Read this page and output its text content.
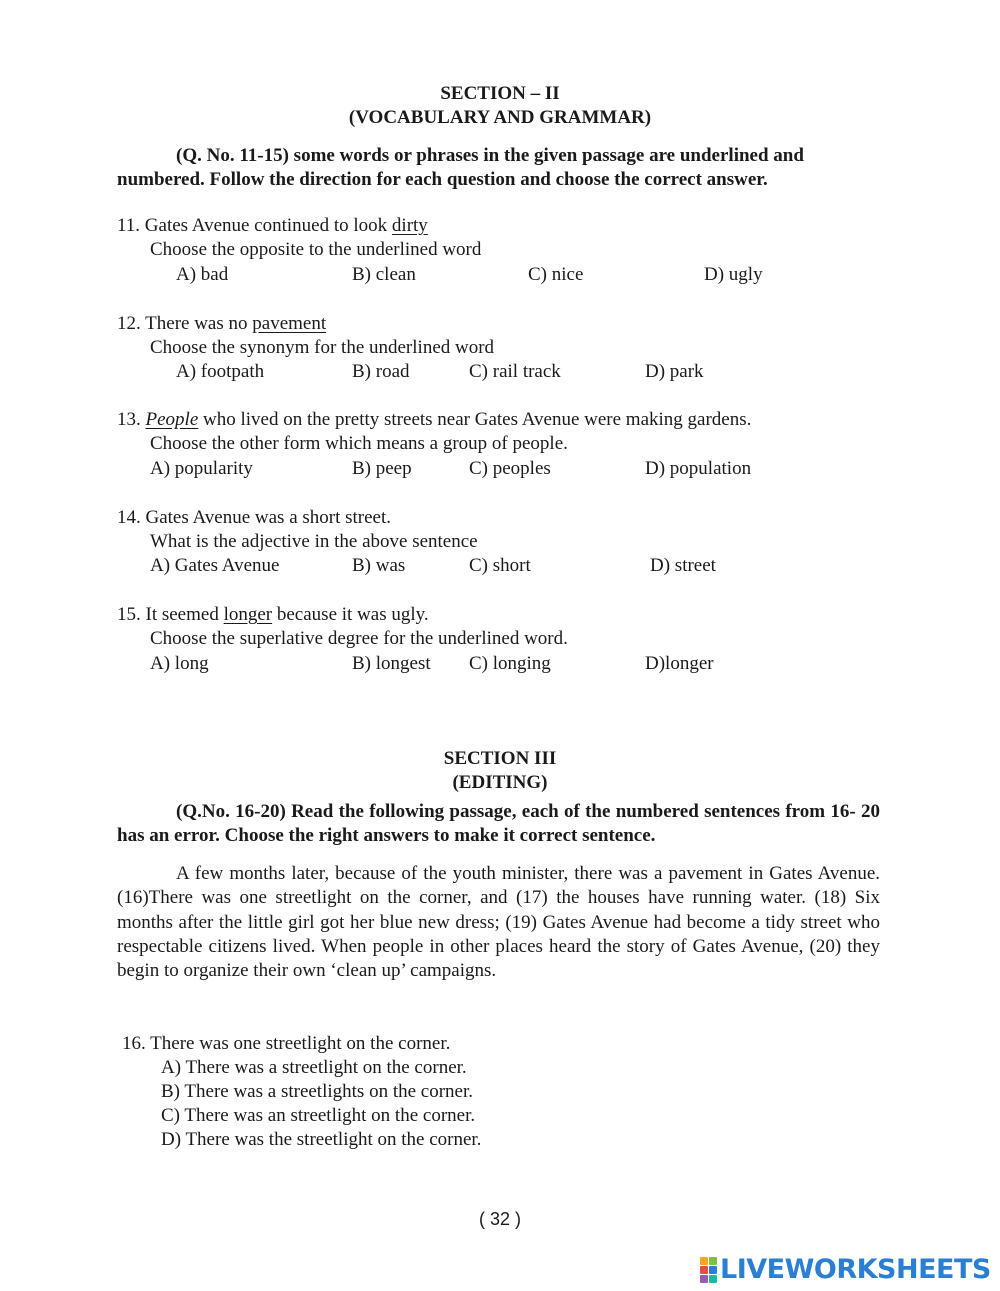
SECTION – II
(VOCABULARY AND GRAMMAR)
(Q. No. 11-15) some words or phrases in the given passage are underlined and
numbered. Follow the direction for each question and choose the correct answer.
11. Gates Avenue continued to look dirty
Choose the opposite to the underlined word
A) bad	B) clean	C) nice	D) ugly
12. There was no pavement
Choose the synonym for the underlined word
A) footpath	B) road	C) rail track	D) park
13. People who lived on the pretty streets near Gates Avenue were making gardens.
Choose the other form which means a group of people.
A) popularity	B) peep	C) peoples	D) population
14. Gates Avenue was a short street.
What is the adjective in the above sentence
A) Gates Avenue	B) was	C) short	D) street
15. It seemed longer because it was ugly.
Choose the superlative degree for the underlined word.
A) long	B) longest C) longing	D)longer
SECTION III
(EDITING)
(Q.No. 16-20) Read the following passage, each of the numbered sentences from 16- 20 has an error. Choose the right answers to make it correct sentence.
A few months later, because of the youth minister, there was a pavement in Gates Avenue. (16)There was one streetlight on the corner, and (17) the houses have running water. (18) Six months after the little girl got her blue new dress; (19) Gates Avenue had become a tidy street who respectable citizens lived. When people in other places heard the story of Gates Avenue, (20) they begin to organize their own ‘clean up’ campaigns.
16. There was one streetlight on the corner.
A) There was a streetlight on the corner.
B) There was a streetlights on the corner.
C) There was an streetlight on the corner.
D) There was the streetlight on the corner.
( 32 )
LIVEWORKSHEETS
